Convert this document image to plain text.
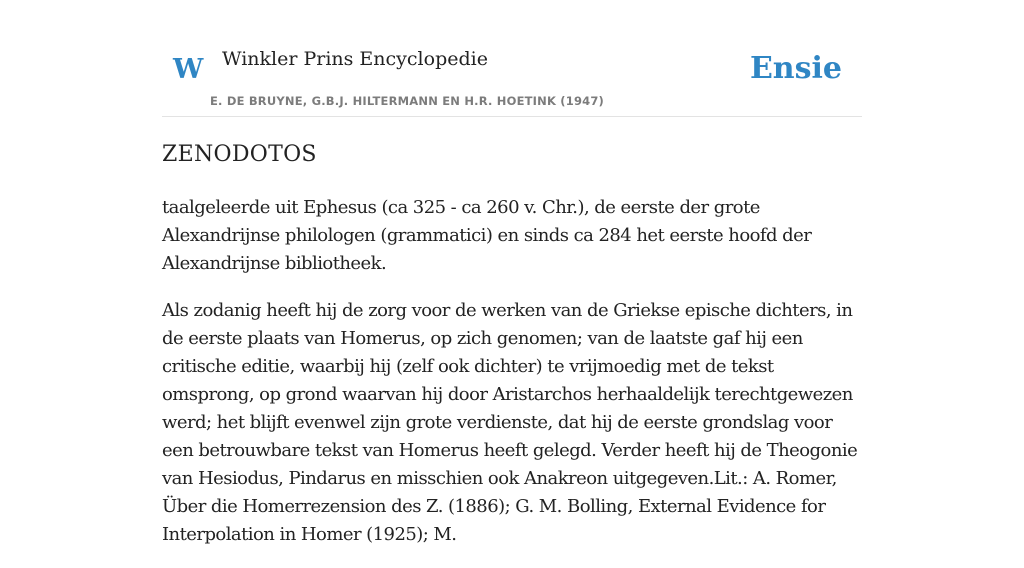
W Winkler Prins Encyclopedie
E. DE BRUYNE, G.B.J. HILTERMANN EN H.R. HOETINK (1947)
Ensie
ZENODOTOS

taalgeleerde uit Ephesus (ca 325 - ca 260 v. Chr.), de eerste der grote Alexandrijnse philologen (grammatici) en sinds ca 284 het eerste hoofd der Alexandrijnse bibliotheek.

Als zodanig heeft hij de zorg voor de werken van de Griekse epische dichters, in de eerste plaats van Homerus, op zich genomen; van de laatste gaf hij een critische editie, waarbij hij (zelf ook dichter) te vrijmoedig met de tekst omsprong, op grond waarvan hij door Aristarchos herhaaldelijk terechtgewezen werd; het blijft evenwel zijn grote verdienste, dat hij de eerste grondslag voor een betrouwbare tekst van Homerus heeft gelegd. Verder heeft hij de Theogonie van Hesiodus, Pindarus en misschien ook Anakreon uitgegeven.Lit.: A. Romer, Über die Homerrezension des Z. (1886); G. M. Bolling, External Evidence for Interpolation in Homer (1925); M.
